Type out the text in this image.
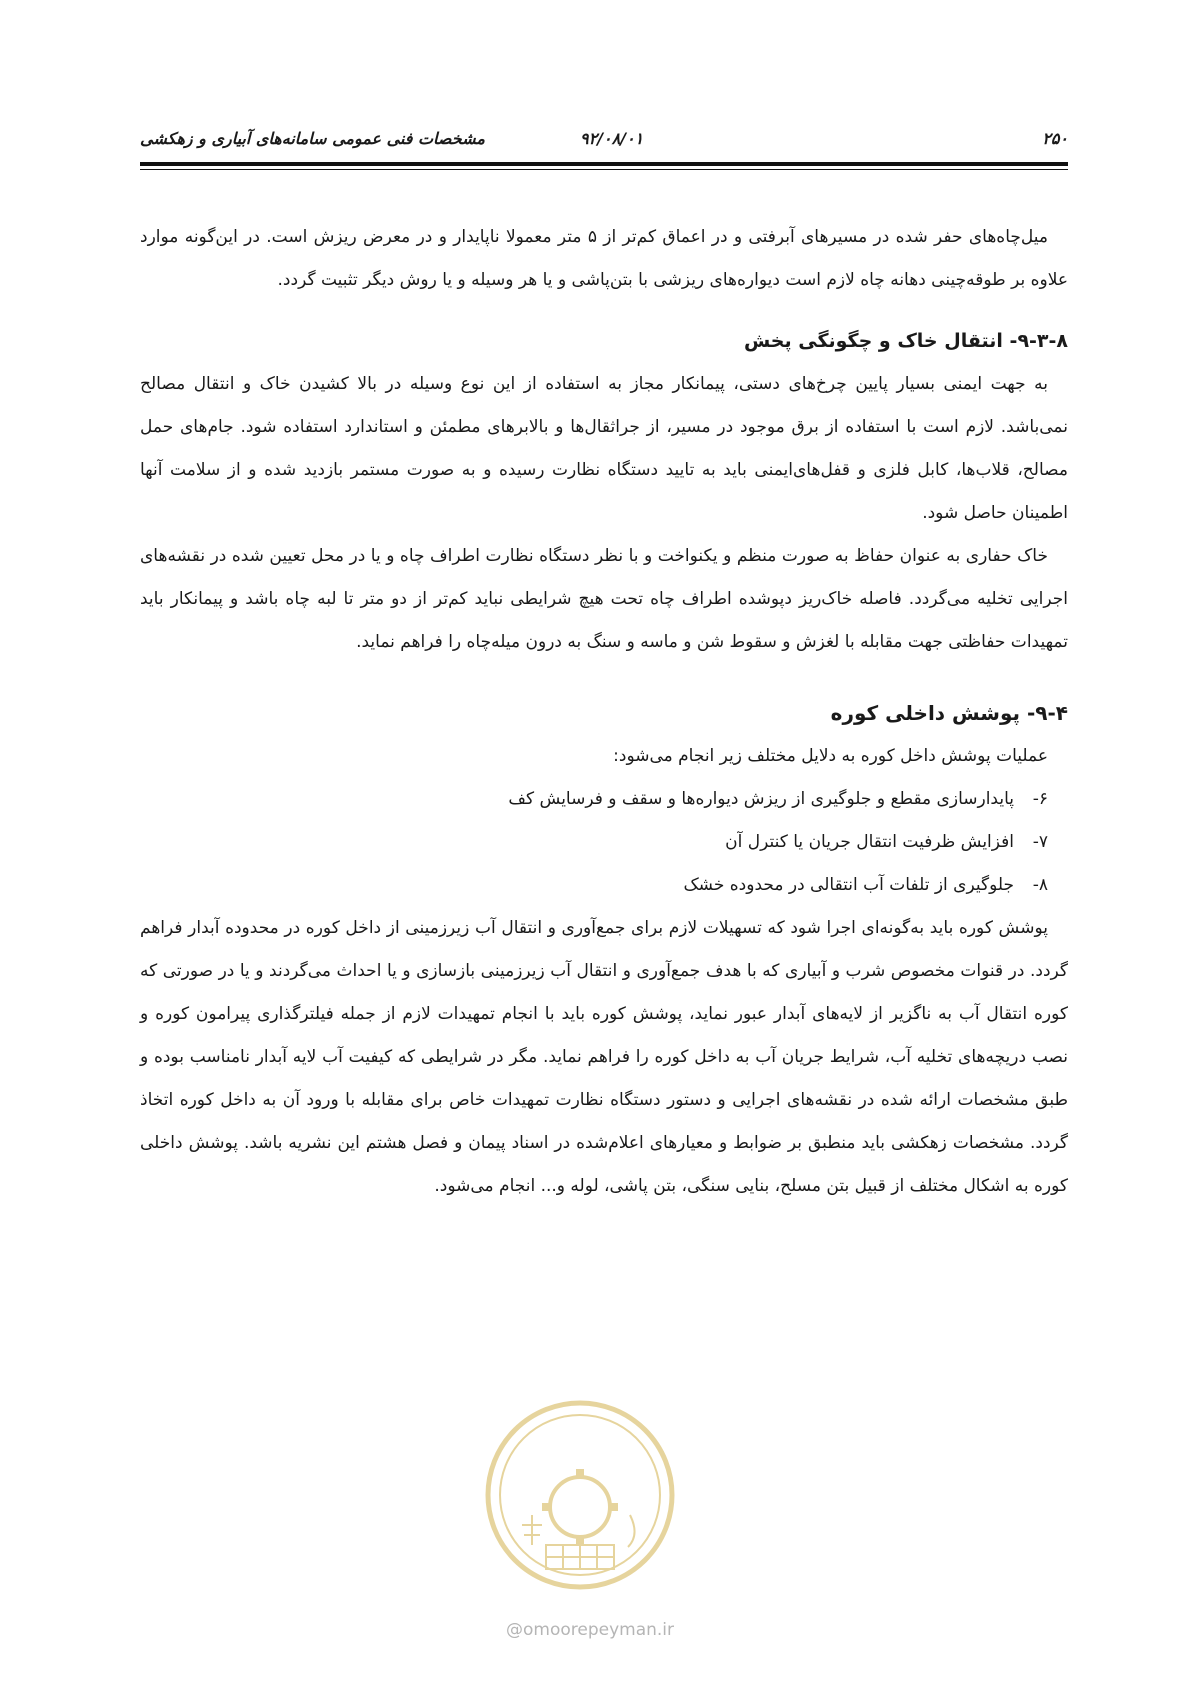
۲۵۰
۹۲/۰۸/۰۱
مشخصات فنی عمومی سامانه‌های آبیاری و زهکشی

میل‌چاه‌های حفر شده در مسیرهای آبرفتی و در اعماق کم‌تر از ۵ متر معمولا ناپایدار و در معرض ریزش است. در این‌گونه موارد علاوه بر طوقه‌چینی دهانه چاه لازم است دیواره‌های ریزشی با بتن‌پاشی و یا هر وسیله و یا روش دیگر تثبیت گردد.

۹-۳-۸- انتقال خاک و چگونگی پخش

به جهت ایمنی بسیار پایین چرخ‌های دستی، پیمانکار مجاز به استفاده از این نوع وسیله در بالا کشیدن خاک و انتقال مصالح نمی‌باشد. لازم است با استفاده از برق موجود در مسیر، از جراثقال‌ها و بالابرهای مطمئن و استاندارد استفاده شود. جام‌های حمل مصالح، قلاب‌ها، کابل فلزی و قفل‌های‌ایمنی باید به تایید دستگاه نظارت رسیده و به صورت مستمر بازدید شده و از سلامت آنها اطمینان حاصل شود.

خاک حفاری به عنوان حفاظ به صورت منظم و یکنواخت و با نظر دستگاه نظارت اطراف چاه و یا در محل تعیین شده در نقشه‌های اجرایی تخلیه می‌گردد. فاصله خاک‌ریز دپوشده اطراف چاه تحت هیچ شرایطی نباید کم‌تر از دو متر تا لبه چاه باشد و پیمانکار باید تمهیدات حفاظتی جهت مقابله با لغزش و سقوط شن و ماسه و سنگ به درون میله‌چاه را فراهم نماید.

۹-۴- پوشش داخلی کوره

عملیات پوشش داخل کوره به دلایل مختلف زیر انجام می‌شود:

۶-
پایدارسازی مقطع و جلوگیری از ریزش دیواره‌ها و سقف و فرسایش کف
۷-
افزایش ظرفیت انتقال جریان یا کنترل آن
۸-
جلوگیری از تلفات آب انتقالی در محدوده خشک

پوشش کوره باید به‌گونه‌ای اجرا شود که تسهیلات لازم برای جمع‌آوری و انتقال آب زیرزمینی از داخل کوره در محدوده آبدار فراهم گردد. در قنوات مخصوص شرب و آبیاری که با هدف جمع‌آوری و انتقال آب زیرزمینی بازسازی و یا احداث می‌گردند و یا در صورتی که کوره انتقال آب به ناگزیر از لایه‌های آبدار عبور نماید، پوشش کوره باید با انجام تمهیدات لازم از جمله فیلترگذاری پیرامون کوره و نصب دریچه‌های تخلیه آب، شرایط جریان آب به داخل کوره را فراهم نماید. مگر در شرایطی که کیفیت آب لایه آبدار نامناسب بوده و طبق مشخصات ارائه شده در نقشه‌های اجرایی و دستور دستگاه نظارت تمهیدات خاص برای مقابله با ورود آن به داخل کوره اتخاذ گردد. مشخصات زهکشی باید منطبق بر ضوابط و معیارهای اعلام‌شده در اسناد پیمان و فصل هشتم این نشریه باشد. پوشش داخلی کوره به اشکال مختلف از قبیل بتن مسلح، بنایی سنگی، بتن پاشی، لوله و... انجام می‌شود.

@omoorepeyman.ir
